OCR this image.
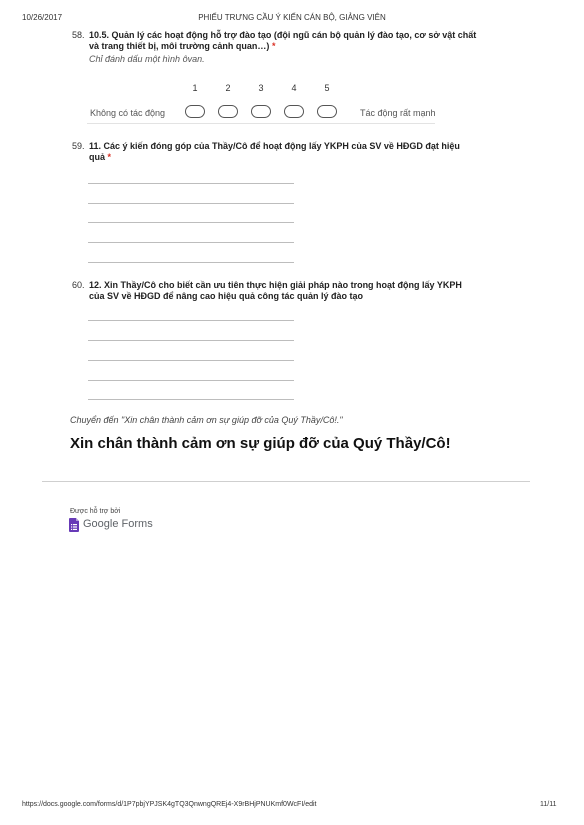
10/26/2017	PHIẾU TRƯNG CẦU Ý KIẾN CÁN BỘ, GIẢNG VIÊN
58. 10.5. Quản lý các hoạt động hỗ trợ đào tạo (đội ngũ cán bộ quản lý đào tạo, cơ sở vật chất
và trang thiết bị, môi trường cảnh quan…) *
Chỉ đánh dấu một hình ôvan.
1	2	3	4	5
Không có tác động	Tác động rất mạnh
59. 11. Các ý kiến đóng góp của Thầy/Cô để hoạt động lấy YKPH của SV về HĐGD đạt hiệu
quả *
60. 12. Xin Thầy/Cô cho biết cần ưu tiên thực hiện giải pháp nào trong hoạt động lấy YKPH
của SV về HĐGD để nâng cao hiệu quả công tác quản lý đào tạo
Chuyển đến "Xin chân thành cảm ơn sự giúp đỡ của Quý Thầy/Cô!."
Xin chân thành cảm ơn sự giúp đỡ của Quý Thầy/Cô!
Được hỗ trợ bởi
Google Forms
https://docs.google.com/forms/d/1P7pbjYPJSK4gTQ3QnwngQREj4-X9rBHjPNUKmf0WcFI/edit	11/11
